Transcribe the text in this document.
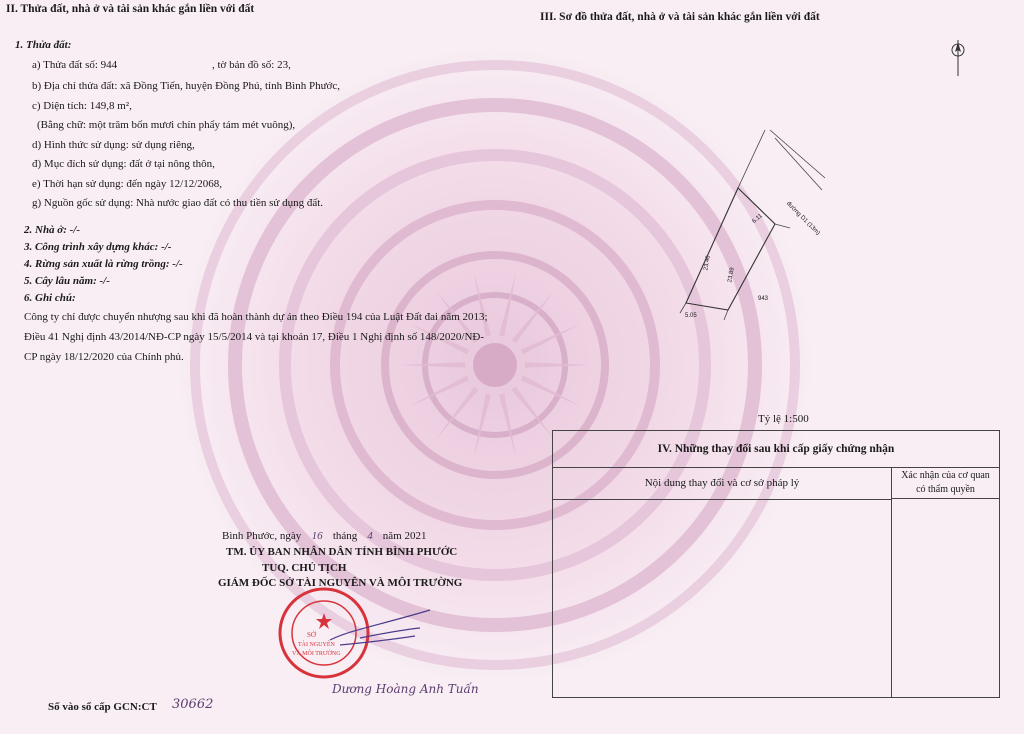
II. Thửa đất, nhà ở và tài sản khác gắn liền với đất
1. Thửa đất:
a) Thửa đất số: 944	, tờ bản đồ số: 23,
b) Địa chỉ thửa đất: xã Đồng Tiến, huyện Đồng Phú, tỉnh Bình Phước,
c) Diện tích: 149,8 m²,
(Bằng chữ: một trăm bốn mươi chín phẩy tám mét vuông),
d) Hình thức sử dụng: sử dụng riêng,
đ) Mục đích sử dụng: đất ở tại nông thôn,
e) Thời hạn sử dụng: đến ngày 12/12/2068,
g) Nguồn gốc sử dụng: Nhà nước giao đất có thu tiền sử dụng đất.
2. Nhà ở: -/-
3. Công trình xây dựng khác: -/-
4. Rừng sản xuất là rừng trồng: -/-
5. Cây lâu năm: -/-
6. Ghi chú:
Công ty chỉ được chuyển nhượng sau khi đã hoàn thành dự án theo Điều 194 của Luật Đất đai năm 2013; Điều 41 Nghị định 43/2014/NĐ-CP ngày 15/5/2014 và tại khoản 17, Điều 1 Nghị định số 148/2020/NĐ-CP ngày 18/12/2020 của Chính phủ.
III. Sơ đồ thửa đất, nhà ở và tài sản khác gắn liền với đất
đường D1 (13m)
6.11
23.46
23.89
5.05
943
Tỷ lệ 1:500
IV. Những thay đổi sau khi cấp giấy chứng nhận
Nội dung thay đổi và cơ sở pháp lý
Xác nhận của cơ quan
có thẩm quyền
Bình Phước, ngày 16 tháng 4 năm 2021
TM. ỦY BAN NHÂN DÂN TỈNH BÌNH PHƯỚC
TUQ. CHỦ TỊCH
GIÁM ĐỐC SỞ TÀI NGUYÊN VÀ MÔI TRƯỜNG
SỞ
TÀI NGUYÊN
VÀ MÔI TRƯỜNG
Dương Hoàng Anh Tuấn
Số vào sổ cấp GCN:CT 30662
